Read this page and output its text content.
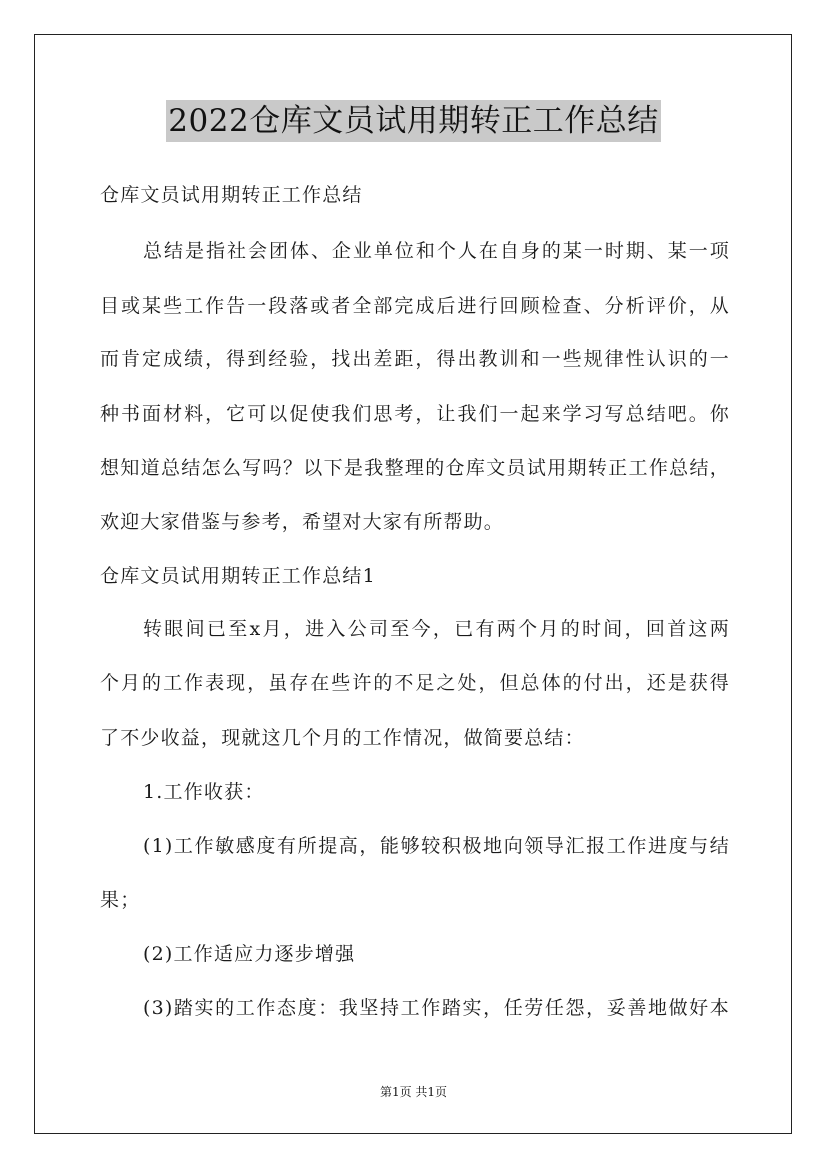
2022仓库文员试用期转正工作总结
仓库文员试用期转正工作总结
总结是指社会团体、企业单位和个人在自身的某一时期、某一项
目或某些工作告一段落或者全部完成后进行回顾检查、分析评价，从
而肯定成绩，得到经验，找出差距，得出教训和一些规律性认识的一
种书面材料，它可以促使我们思考，让我们一起来学习写总结吧。你
想知道总结怎么写吗？以下是我整理的仓库文员试用期转正工作总结，
欢迎大家借鉴与参考，希望对大家有所帮助。
仓库文员试用期转正工作总结1
转眼间已至x月，进入公司至今，已有两个月的时间，回首这两
个月的工作表现，虽存在些许的不足之处，但总体的付出，还是获得
了不少收益，现就这几个月的工作情况，做简要总结：
1.工作收获：
(1)工作敏感度有所提高，能够较积极地向领导汇报工作进度与结
果；
(2)工作适应力逐步增强
(3)踏实的工作态度：我坚持工作踏实，任劳任怨，妥善地做好本
第1页 共1页
